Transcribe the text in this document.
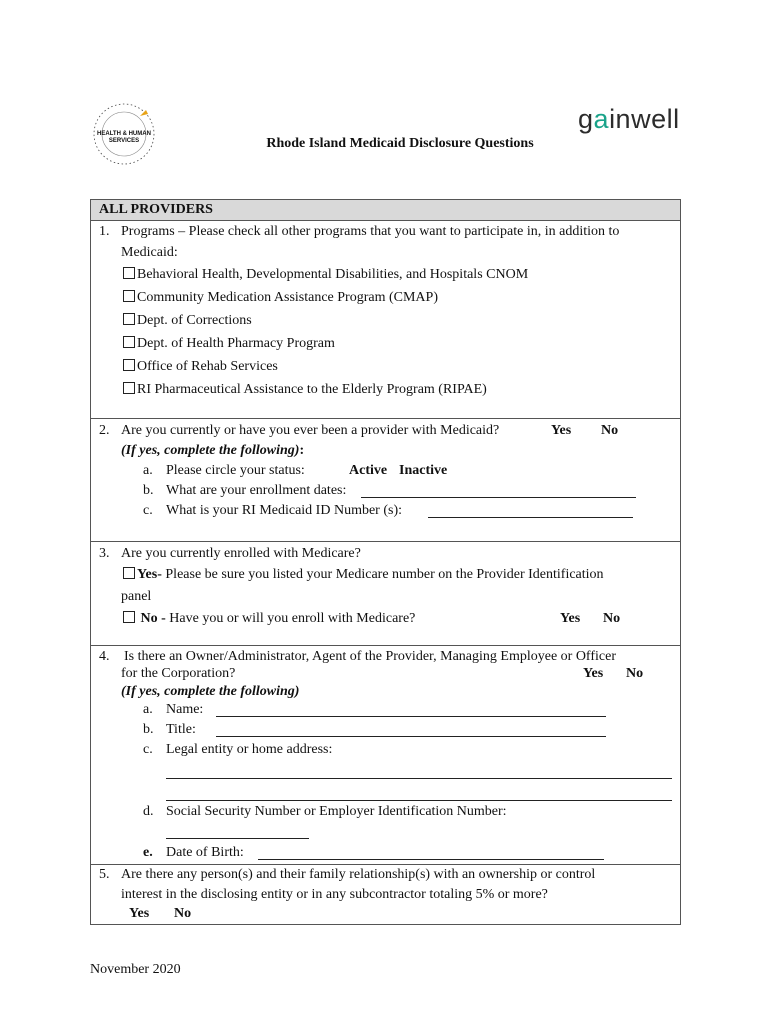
HEALTH & HUMAN
SERVICES
gainwell
Rhode Island Medicaid Disclosure Questions
ALL PROVIDERS
1. Programs – Please check all other programs that you want to participate in, in addition to
Medicaid:
Behavioral Health, Developmental Disabilities, and Hospitals CNOM
Community Medication Assistance Program (CMAP)
Dept. of Corrections
Dept. of Health Pharmacy Program
Office of Rehab Services
RI Pharmaceutical Assistance to the Elderly Program (RIPAE)
2. Are you currently or have you ever been a provider with Medicaid?	Yes No
(If yes, complete the following):
a. Please circle your status:	Active Inactive
b. What are your enrollment dates:
c. What is your RI Medicaid ID Number (s):
3. Are you currently enrolled with Medicare?
Yes- Please be sure you listed your Medicare number on the Provider Identification
panel
No - Have you or will you enroll with Medicare?	Yes No
4. Is there an Owner/Administrator, Agent of the Provider, Managing Employee or Officer
for the Corporation?	Yes No
(If yes, complete the following)
a. Name:
b. Title:
c. Legal entity or home address:
d. Social Security Number or Employer Identification Number:
e. Date of Birth:
5. Are there any person(s) and their family relationship(s) with an ownership or control
interest in the disclosing entity or in any subcontractor totaling 5% or more?
Yes No
November 2020
